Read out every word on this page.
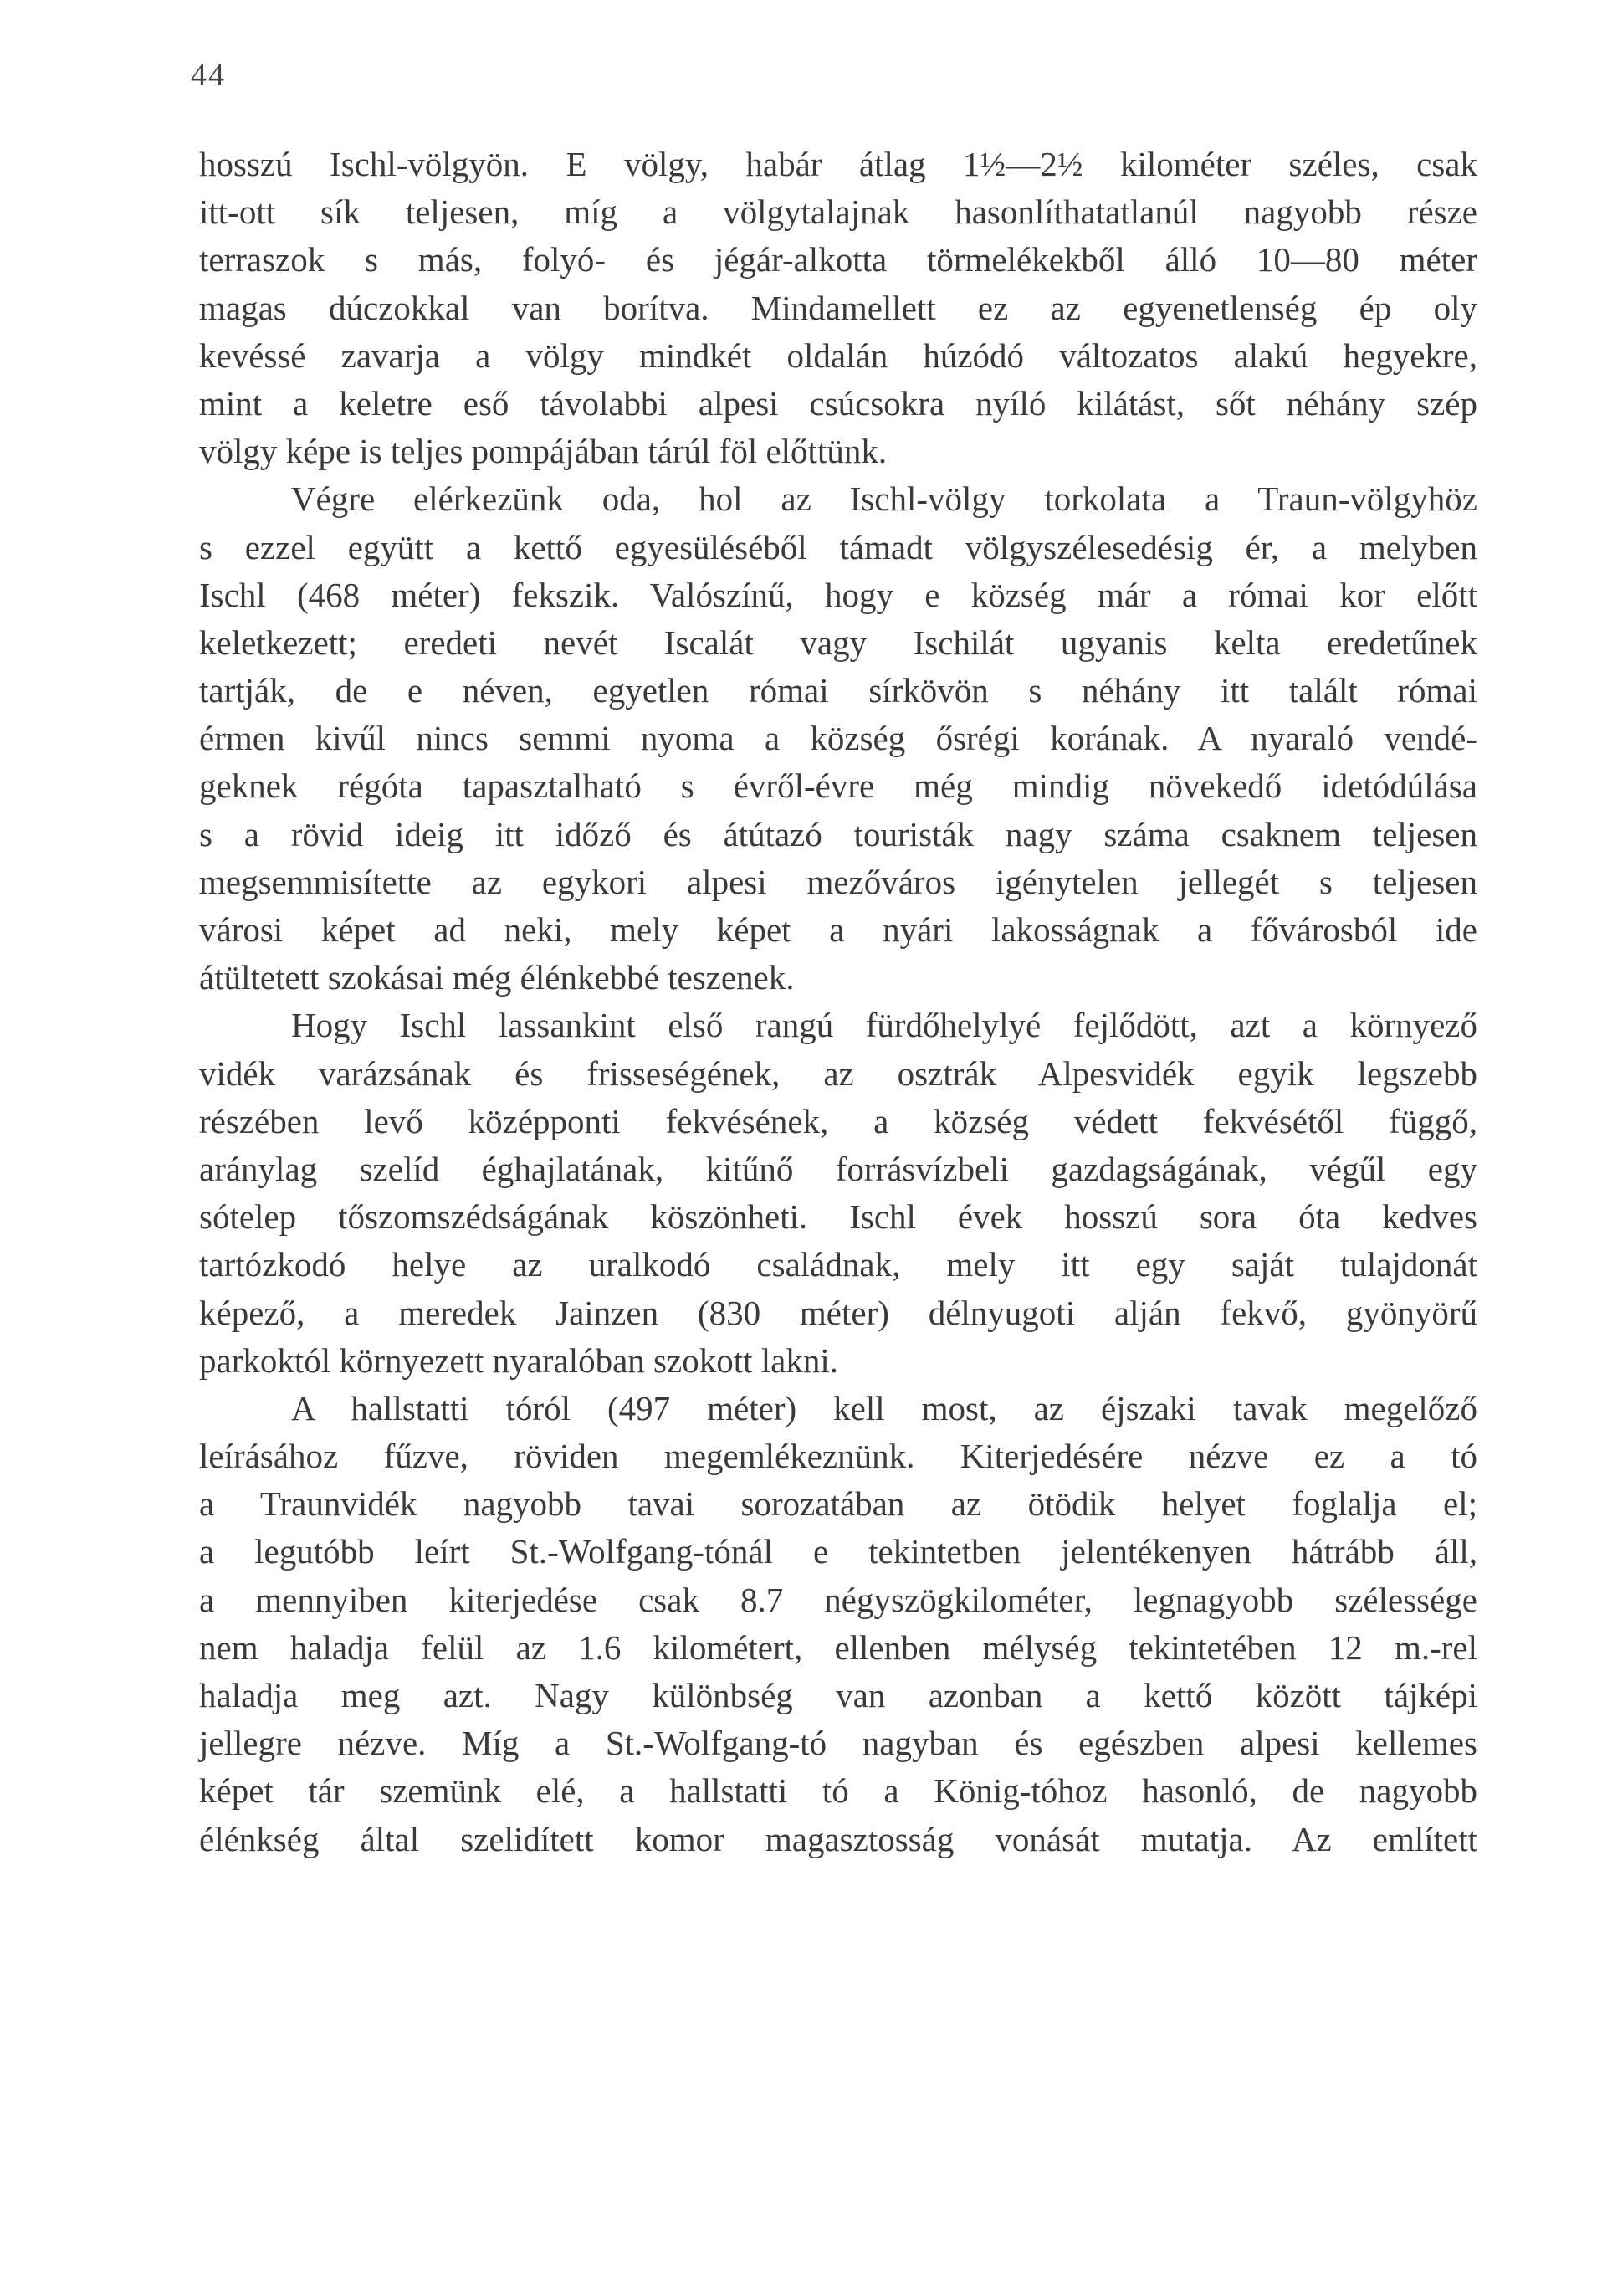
44
hosszú Ischl-völgyön. E völgy, habár átlag 1½—2½ kilométer széles, csak
itt-ott sík teljesen, míg a völgytalajnak hasonlíthatatlanúl nagyobb része
terraszok s más, folyó- és jégár-alkotta törmelékekből álló 10—80 méter
magas dúczokkal van borítva. Mindamellett ez az egyenetlenség ép oly
kevéssé zavarja a völgy mindkét oldalán húzódó változatos alakú hegyekre,
mint a keletre eső távolabbi alpesi csúcsokra nyíló kilátást, sőt néhány szép
völgy képe is teljes pompájában tárúl föl előttünk.
Végre elérkezünk oda, hol az Ischl-völgy torkolata a Traun-völgyhöz
s ezzel együtt a kettő egyesüléséből támadt völgyszélesedésig ér, a melyben
Ischl (468 méter) fekszik. Valószínű, hogy e község már a római kor előtt
keletkezett; eredeti nevét Iscalát vagy Ischilát ugyanis kelta eredetűnek
tartják, de e néven, egyetlen római sírkövön s néhány itt talált római
érmen kivűl nincs semmi nyoma a község ősrégi korának. A nyaraló vendé-
geknek régóta tapasztalható s évről-évre még mindig növekedő idetódúlása
s a rövid ideig itt időző és átútazó touristák nagy száma csaknem teljesen
megsemmisítette az egykori alpesi mezőváros igénytelen jellegét s teljesen
városi képet ad neki, mely képet a nyári lakosságnak a fővárosból ide
átültetett szokásai még élénkebbé teszenek.
Hogy Ischl lassankint első rangú fürdőhelylyé fejlődött, azt a környező
vidék varázsának és frisseségének, az osztrák Alpesvidék egyik legszebb
részében levő középponti fekvésének, a község védett fekvésétől függő,
aránylag szelíd éghajlatának, kitűnő forrásvízbeli gazdagságának, végűl egy
sótelep tőszomszédságának köszönheti. Ischl évek hosszú sora óta kedves
tartózkodó helye az uralkodó családnak, mely itt egy saját tulajdonát
képező, a meredek Jainzen (830 méter) délnyugoti alján fekvő, gyönyörű
parkoktól környezett nyaralóban szokott lakni.
A hallstatti tóról (497 méter) kell most, az éjszaki tavak megelőző
leírásához fűzve, röviden megemlékeznünk. Kiterjedésére nézve ez a tó
a Traunvidék nagyobb tavai sorozatában az ötödik helyet foglalja el;
a legutóbb leírt St.-Wolfgang-tónál e tekintetben jelentékenyen hátrább áll,
a mennyiben kiterjedése csak 8.7 négyszögkilométer, legnagyobb szélessége
nem haladja felül az 1.6 kilométert, ellenben mélység tekintetében 12 m.-rel
haladja meg azt. Nagy különbség van azonban a kettő között tájképi
jellegre nézve. Míg a St.-Wolfgang-tó nagyban és egészben alpesi kellemes
képet tár szemünk elé, a hallstatti tó a König-tóhoz hasonló, de nagyobb
élénkség által szelidített komor magasztosság vonását mutatja. Az említett
